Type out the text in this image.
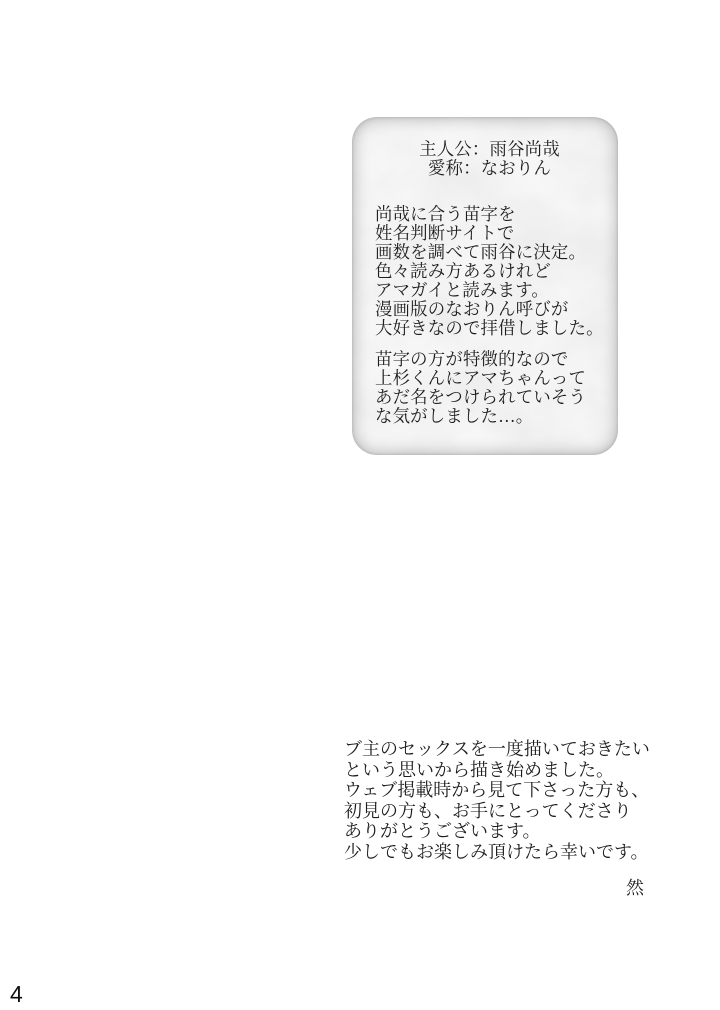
主人公：雨谷尚哉
愛称：なおりん
尚哉に合う苗字を
姓名判断サイトで
画数を調べて雨谷に決定。
色々読み方あるけれど
アマガイと読みます。
漫画版のなおりん呼びが
大好きなので拝借しました。
苗字の方が特徴的なので
上杉くんにアマちゃんって
あだ名をつけられていそう
な気がしました…。
ブ主のセックスを一度描いておきたい
という思いから描き始めました。
ウェブ掲載時から見て下さった方も、
初見の方も、お手にとってくださり
ありがとうございます。
少しでもお楽しみ頂けたら幸いです。
然
4
